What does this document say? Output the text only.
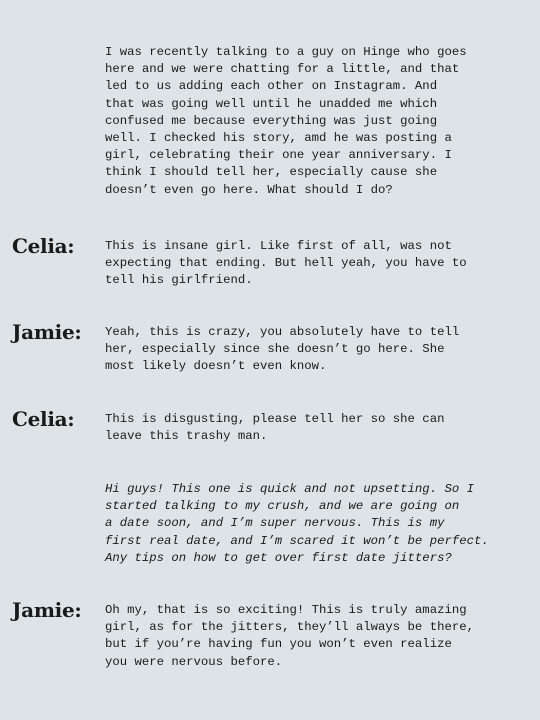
I was recently talking to a guy on Hinge who goes
here and we were chatting for a little, and that
led to us adding each other on Instagram. And
that was going well until he unadded me which
confused me because everything was just going
well. I checked his story, amd he was posting a
girl, celebrating their one year anniversary. I
think I should tell her, especially cause she
doesn’t even go here. What should I do?
Celia: This is insane girl. Like first of all, was not
expecting that ending. But hell yeah, you have to
tell his girlfriend.
Jamie: Yeah, this is crazy, you absolutely have to tell
her, especially since she doesn’t go here. She
most likely doesn’t even know.
Celia: This is disgusting, please tell her so she can
leave this trashy man.
Hi guys! This one is quick and not upsetting. So I
started talking to my crush, and we are going on
a date soon, and I’m super nervous. This is my
first real date, and I’m scared it won’t be perfect.
Any tips on how to get over first date jitters?
Jamie: Oh my, that is so exciting! This is truly amazing
girl, as for the jitters, they’ll always be there,
but if you’re having fun you won’t even realize
you were nervous before.
